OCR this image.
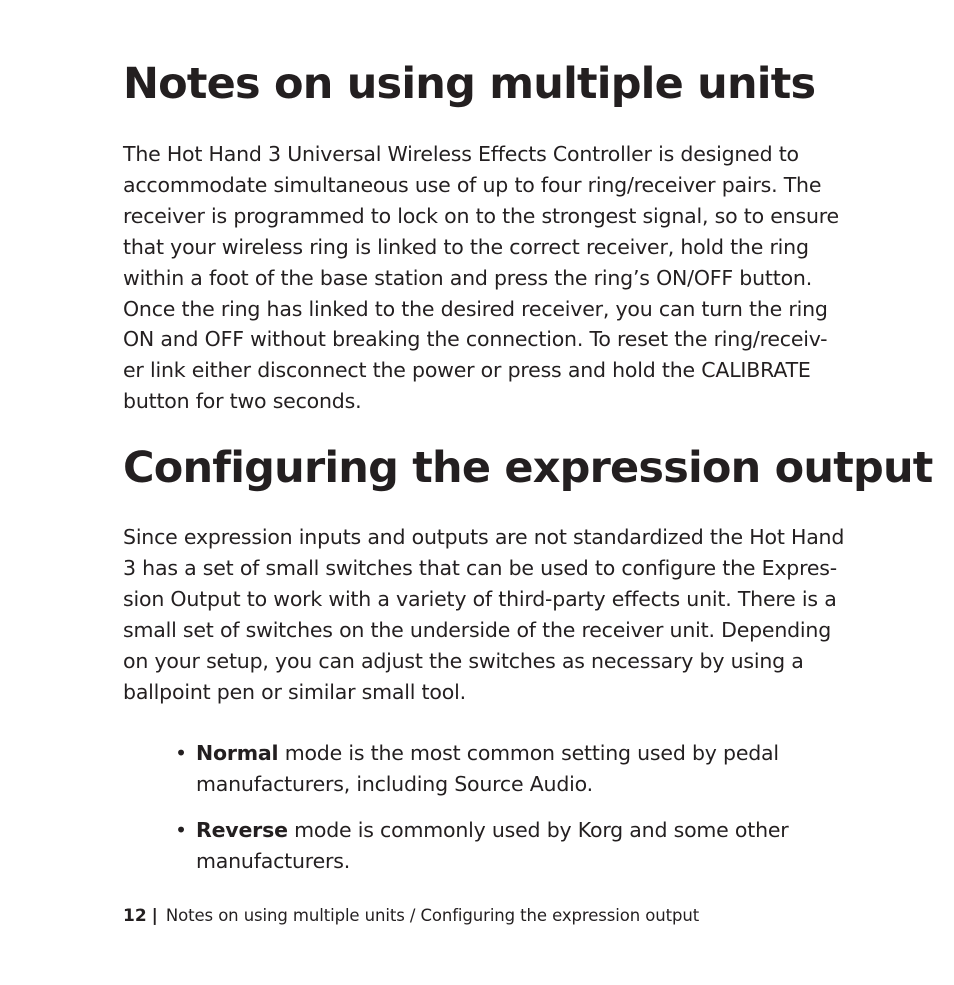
Notes on using multiple units

The Hot Hand 3 Universal Wireless Effects Controller is designed to
accommodate simultaneous use of up to four ring/receiver pairs. The
receiver is programmed to lock on to the strongest signal, so to ensure
that your wireless ring is linked to the correct receiver, hold the ring
within a foot of the base station and press the ring’s ON/OFF button.
Once the ring has linked to the desired receiver, you can turn the ring
ON and OFF without breaking the connection. To reset the ring/receiv-
er link either disconnect the power or press and hold the CALIBRATE
button for two seconds.

Configuring the expression output

Since expression inputs and outputs are not standardized the Hot Hand
3 has a set of small switches that can be used to configure the Expres-
sion Output to work with a variety of third-party effects unit. There is a
small set of switches on the underside of the receiver unit. Depending
on your setup, you can adjust the switches as necessary by using a
ballpoint pen or similar small tool.

• Normal mode is the most common setting used by pedal
manufacturers, including Source Audio.
• Reverse mode is commonly used by Korg and some other
manufacturers.
12 | Notes on using multiple units / Configuring the expression output
